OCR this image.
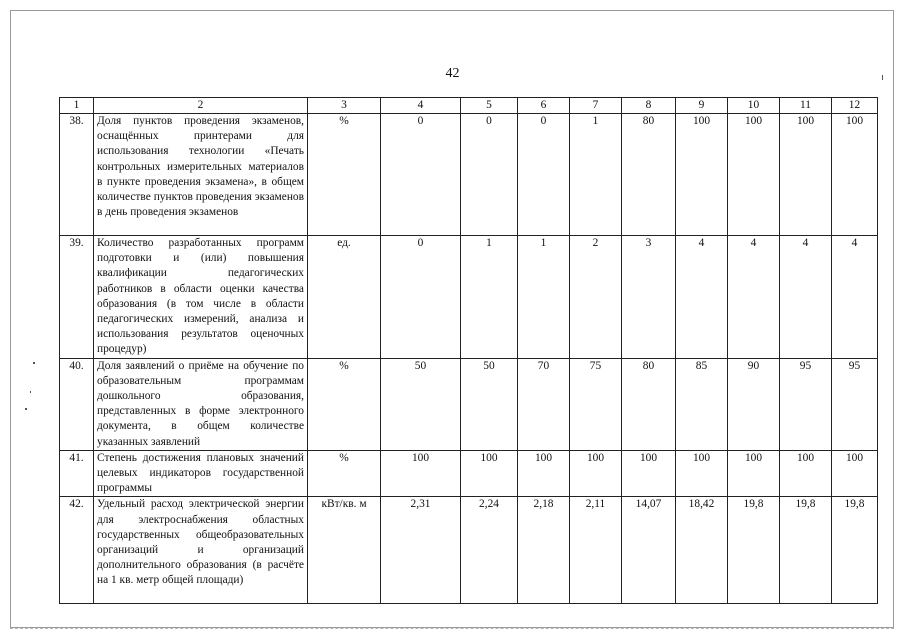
42
1	2	3	4	5	6	7	8	9	10	11	12
38.	Доля пунктов проведения экзаменов, оснащённых принтерами для использования технологии «Печать контрольных измерительных материалов в пункте проведения экзамена», в общем количестве пунктов проведения экзаменов в день проведения экзаменов	%	0	0	0	1	80	100	100	100	100
39.	Количество разработанных программ подготовки и (или) повышения квалификации педагогических работников в области оценки качества образования (в том числе в области педагогических измерений, анализа и использования результатов оценочных процедур)	ед.	0	1	1	2	3	4	4	4	4
40.	Доля заявлений о приёме на обучение по образовательным программам дошкольного образования, представленных в форме электронного документа, в общем количестве указанных заявлений	%	50	50	70	75	80	85	90	95	95
41.	Степень достижения плановых значений целевых индикаторов государственной программы	%	100	100	100	100	100	100	100	100	100
42.	Удельный расход электрической энергии для электроснабжения областных государственных общеобразовательных организаций и организаций дополнительного образования (в расчёте на 1 кв. метр общей площади)	кВт/кв. м	2,31	2,24	2,18	2,11	14,07	18,42	19,8	19,8	19,8
